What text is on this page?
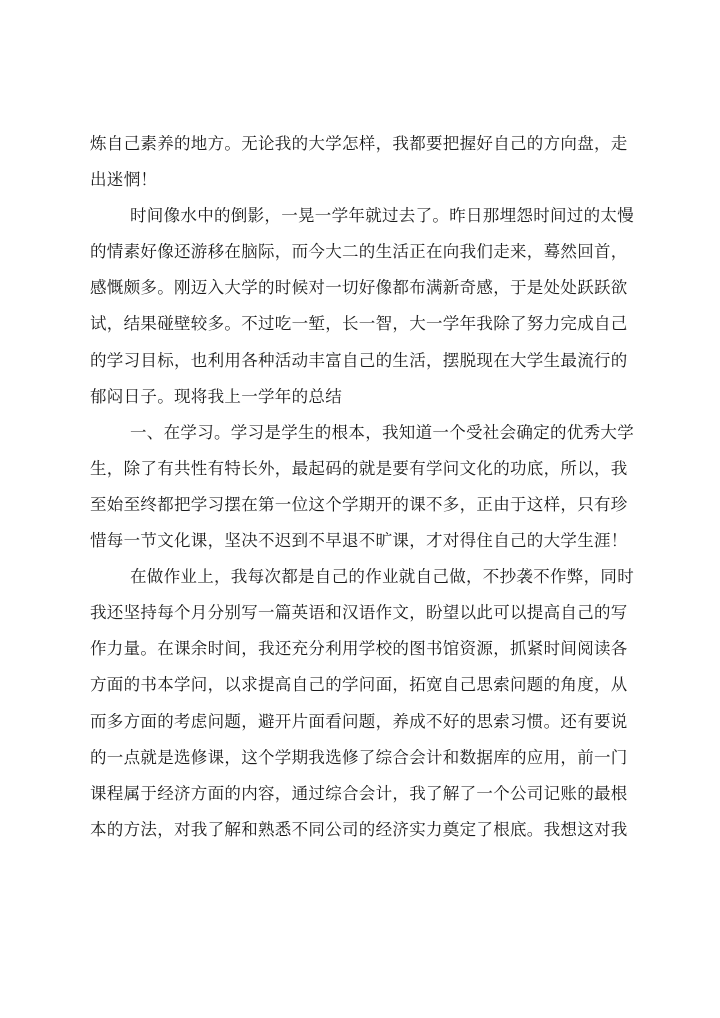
炼自己素养的地方。无论我的大学怎样，我都要把握好自己的方向盘，走
出迷惘！
时间像水中的倒影，一晃一学年就过去了。昨日那埋怨时间过的太慢
的情素好像还游移在脑际，而今大二的生活正在向我们走来，蓦然回首，
感慨颇多。刚迈入大学的时候对一切好像都布满新奇感，于是处处跃跃欲
试，结果碰壁较多。不过吃一堑，长一智，大一学年我除了努力完成自己
的学习目标，也利用各种活动丰富自己的生活，摆脱现在大学生最流行的
郁闷日子。现将我上一学年的总结
一、在学习。学习是学生的根本，我知道一个受社会确定的优秀大学
生，除了有共性有特长外，最起码的就是要有学问文化的功底，所以，我
至始至终都把学习摆在第一位这个学期开的课不多，正由于这样，只有珍
惜每一节文化课，坚决不迟到不早退不旷课，才对得住自己的大学生涯！
在做作业上，我每次都是自己的作业就自己做，不抄袭不作弊，同时
我还坚持每个月分别写一篇英语和汉语作文，盼望以此可以提高自己的写
作力量。在课余时间，我还充分利用学校的图书馆资源，抓紧时间阅读各
方面的书本学问，以求提高自己的学问面，拓宽自己思索问题的角度，从
而多方面的考虑问题，避开片面看问题，养成不好的思索习惯。还有要说
的一点就是选修课，这个学期我选修了综合会计和数据库的应用，前一门
课程属于经济方面的内容，通过综合会计，我了解了一个公司记账的最根
本的方法，对我了解和熟悉不同公司的经济实力奠定了根底。我想这对我
